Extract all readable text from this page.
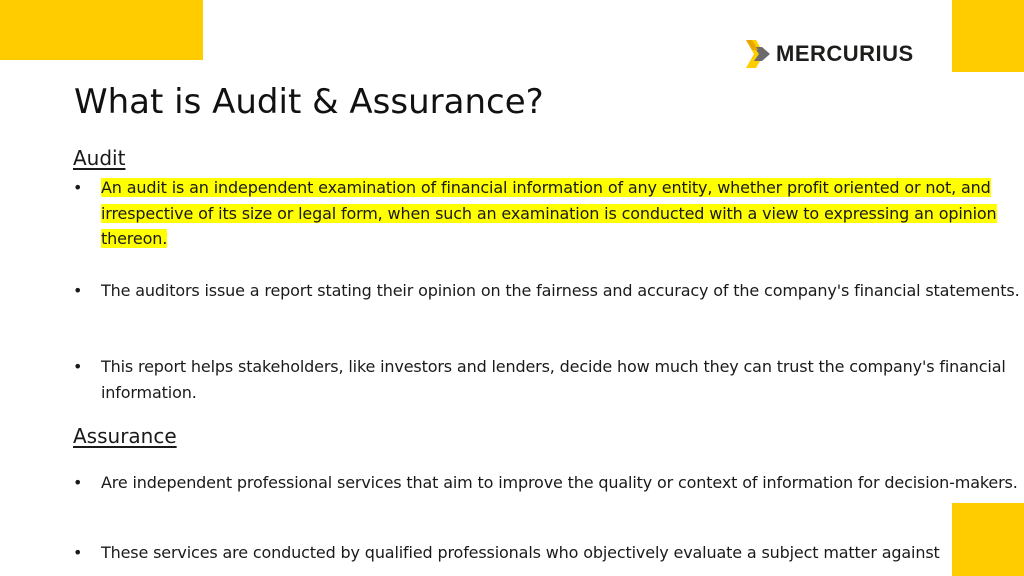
MERCURIUS
What is Audit & Assurance?
Audit
• An audit is an independent examination of financial information of any entity, whether profit oriented or not, and irrespective of its size or legal form, when such an examination is conducted with a view to expressing an opinion thereon.
• The auditors issue a report stating their opinion on the fairness and accuracy of the company's financial statements.
• This report helps stakeholders, like investors and lenders, decide how much they can trust the company's financial information.
Assurance
• Are independent professional services that aim to improve the quality or context of information for decision-makers.
• These services are conducted by qualified professionals who objectively evaluate a subject matter against
